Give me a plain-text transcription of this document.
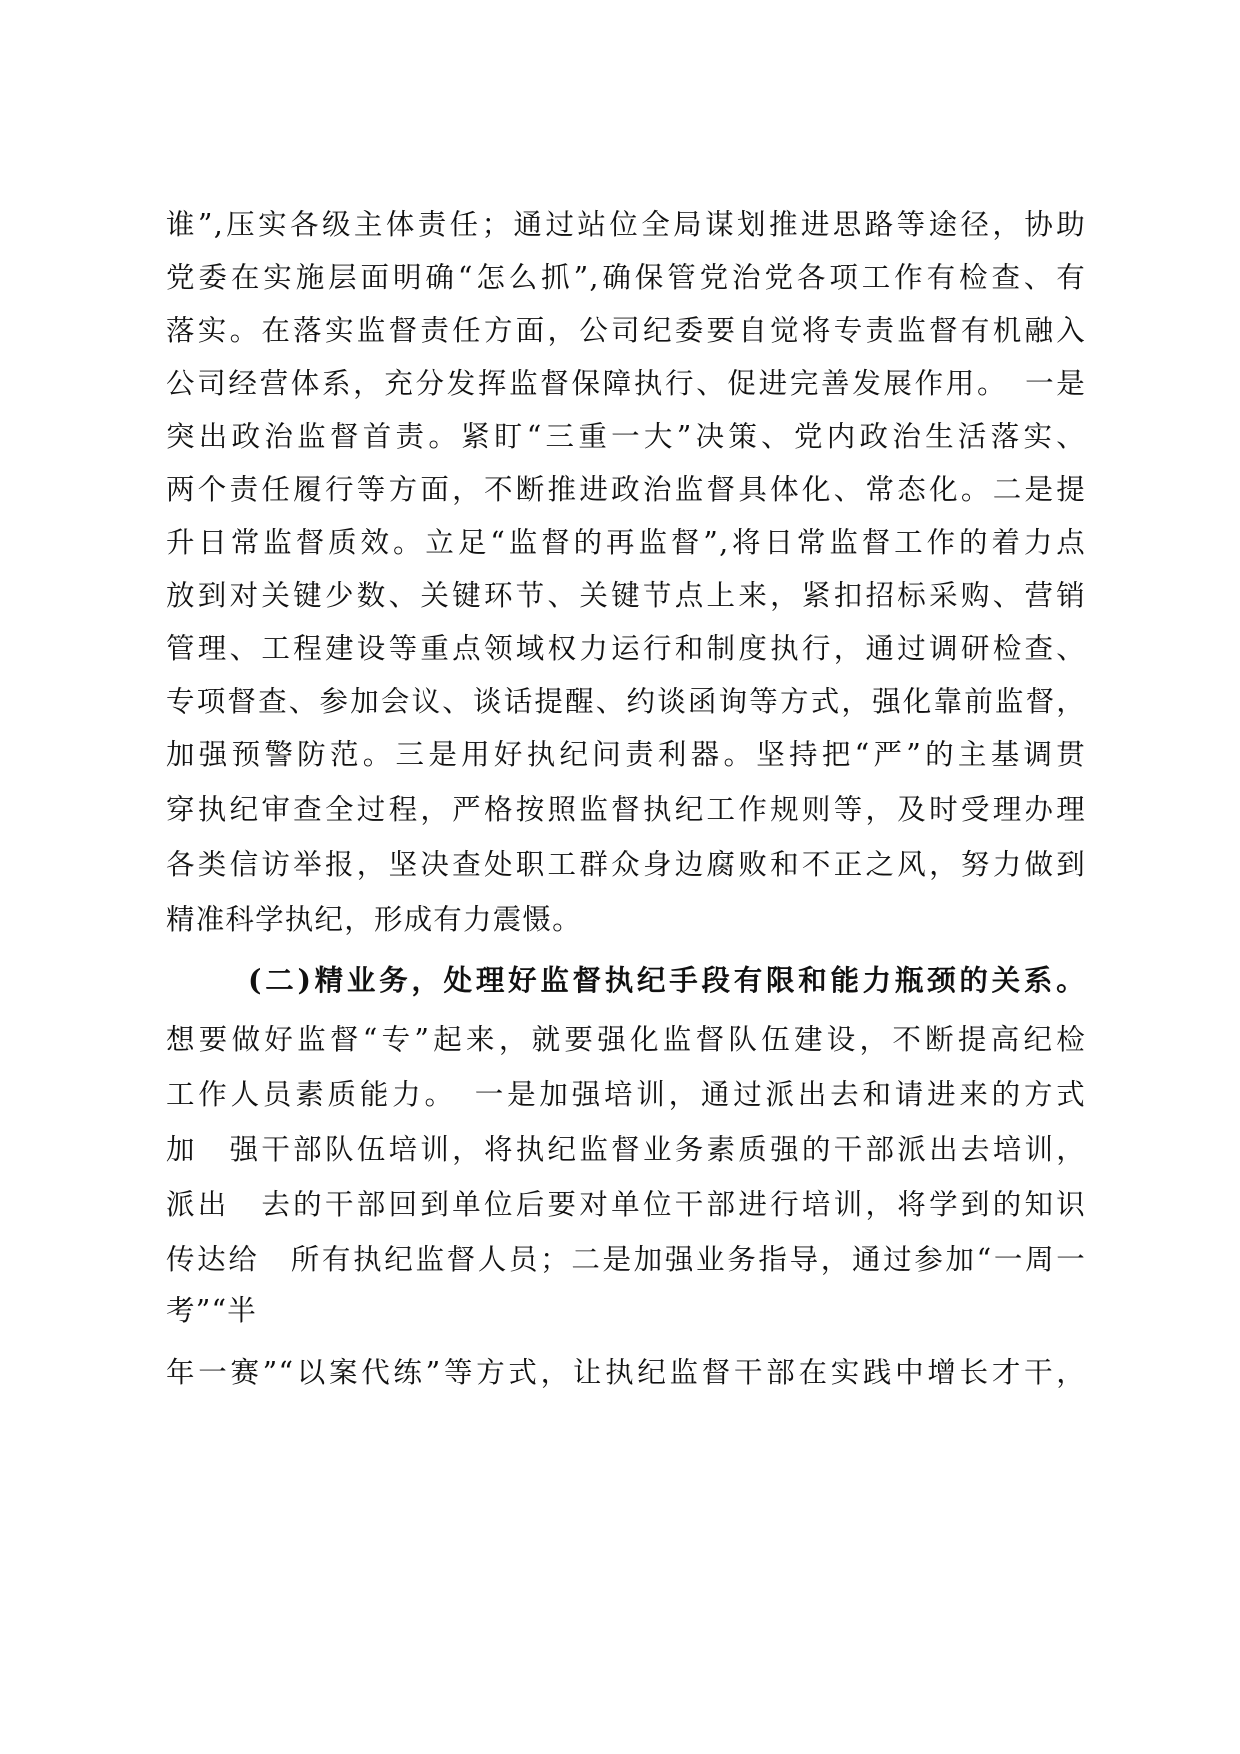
谁”,压实各级主体责任；通过站位全局谋划推进思路等途径，协助
党委在实施层面明确“怎么抓”,确保管党治党各项工作有检查、有
落实。在落实监督责任方面，公司纪委要自觉将专责监督有机融入
公司经营体系，充分发挥监督保障执行、促进完善发展作用。　一是
突出政治监督首责。紧盯“三重一大”决策、党内政治生活落实、
两个责任履行等方面，不断推进政治监督具体化、常态化。二是提
升日常监督质效。立足“监督的再监督”,将日常监督工作的着力点
放到对关键少数、关键环节、关键节点上来，紧扣招标采购、营销
管理、工程建设等重点领域权力运行和制度执行，通过调研检查、
专项督查、参加会议、谈话提醒、约谈函询等方式，强化靠前监督，
加强预警防范。三是用好执纪问责利器。坚持把“严”的主基调贯
穿执纪审查全过程，严格按照监督执纪工作规则等，及时受理办理
各类信访举报，坚决查处职工群众身边腐败和不正之风，努力做到
精准科学执纪，形成有力震慑。
(二)精业务，处理好监督执纪手段有限和能力瓶颈的关系。
想要做好监督“专”起来，就要强化监督队伍建设，不断提高纪检
工作人员素质能力。　一是加强培训，通过派出去和请进来的方式
加　强干部队伍培训，将执纪监督业务素质强的干部派出去培训，
派出　去的干部回到单位后要对单位干部进行培训，将学到的知识
传达给　所有执纪监督人员；二是加强业务指导，通过参加“一周一
考”“半
年一赛”“以案代练”等方式，让执纪监督干部在实践中增长才干，
